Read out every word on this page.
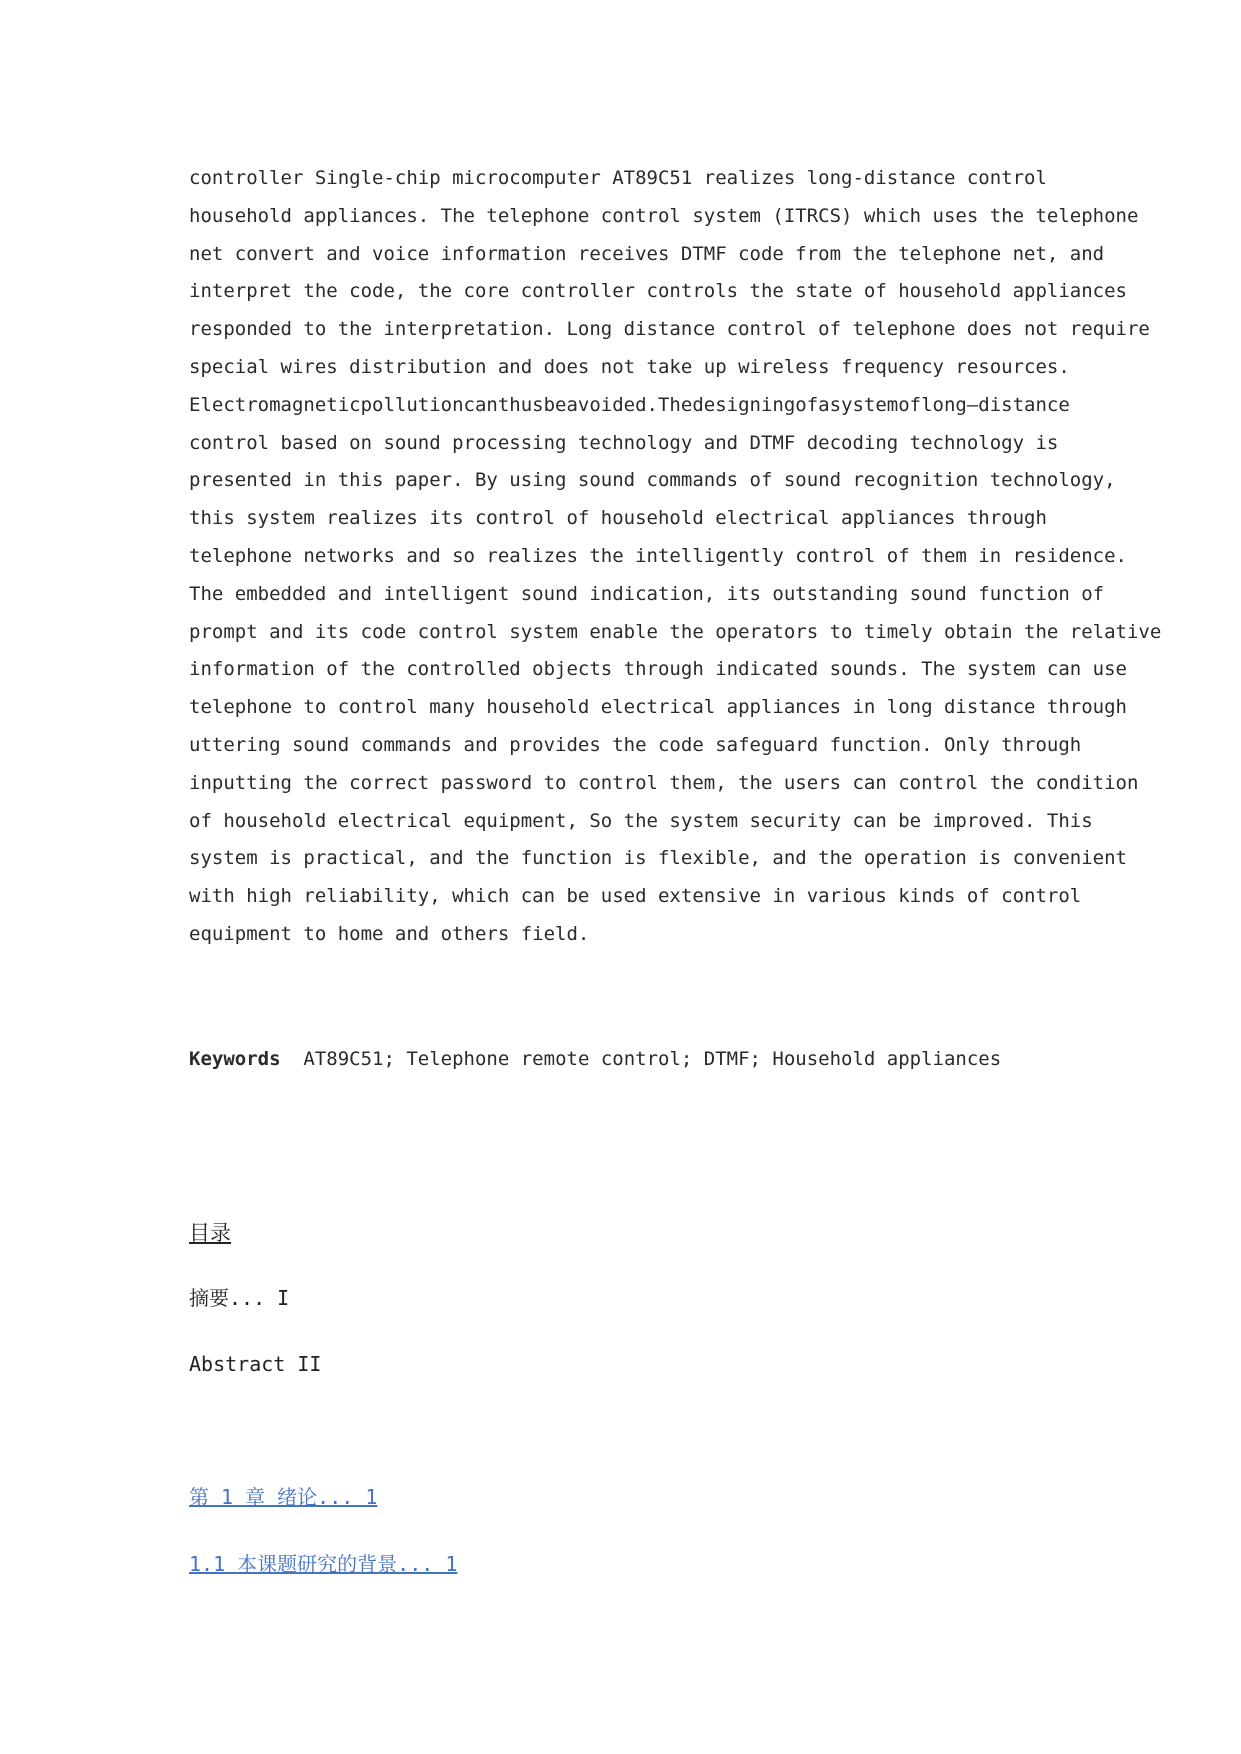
controller Single-chip microcomputer AT89C51 realizes long-distance control
household appliances. The telephone control system (ITRCS) which uses the telephone
net convert and voice information receives DTMF code from the telephone net, and
interpret the code, the core controller controls the state of household appliances
responded to the interpretation. Long distance control of telephone does not require
special wires distribution and does not take up wireless frequency resources.
Electromagneticpollutioncanthusbeavoided.Thedesigningofasystemoflong—distance
control based on sound processing technology and DTMF decoding technology is
presented in this paper. By using sound commands of sound recognition technology,
this system realizes its control of household electrical appliances through
telephone networks and so realizes the intelligently control of them in residence.
The embedded and intelligent sound indication, its outstanding sound function of
prompt and its code control system enable the operators to timely obtain the relative
information of the controlled objects through indicated sounds. The system can use
telephone to control many household electrical appliances in long distance through
uttering sound commands and provides the code safeguard function. Only through
inputting the correct password to control them, the users can control the condition
of household electrical equipment, So the system security can be improved. This
system is practical, and the function is flexible, and the operation is convenient
with high reliability, which can be used extensive in various kinds of control
equipment to home and others field.
Keywords AT89C51; Telephone remote control; DTMF; Household appliances
目录
摘要... I
Abstract II
第 1 章 绪论... 1
1.1 本课题研究的背景... 1
